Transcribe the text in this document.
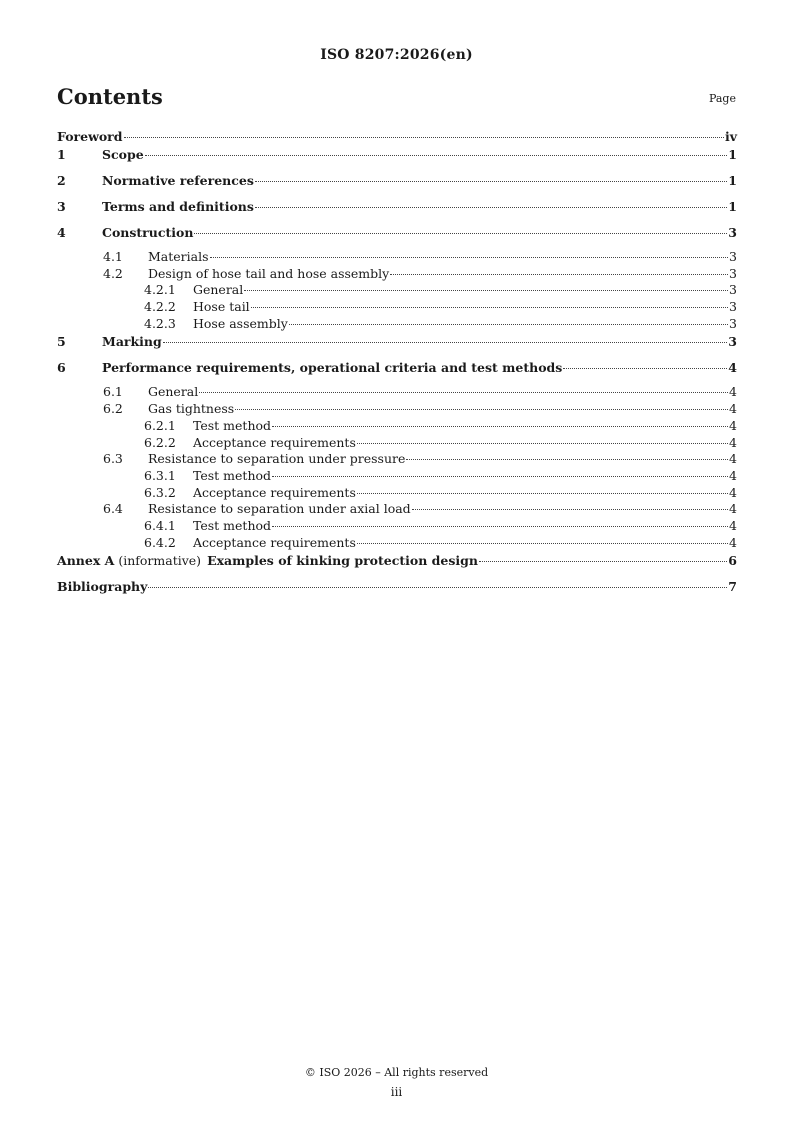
ISO 8207:2026(en)
Contents	Page
Foreword	iv
1	Scope	1
2	Normative references	1
3	Terms and definitions	1
4	Construction	3
4.1	Materials	3
4.2	Design of hose tail and hose assembly	3
4.2.1	General	3
4.2.2	Hose tail	3
4.2.3	Hose assembly	3
5	Marking	3
6	Performance requirements, operational criteria and test methods	4
6.1	General	4
6.2	Gas tightness	4
6.2.1	Test method	4
6.2.2	Acceptance requirements	4
6.3	Resistance to separation under pressure	4
6.3.1	Test method	4
6.3.2	Acceptance requirements	4
6.4	Resistance to separation under axial load	4
6.4.1	Test method	4
6.4.2	Acceptance requirements	4
Annex A (informative) Examples of kinking protection design	6
Bibliography	7
© ISO 2026 – All rights reserved
iii
